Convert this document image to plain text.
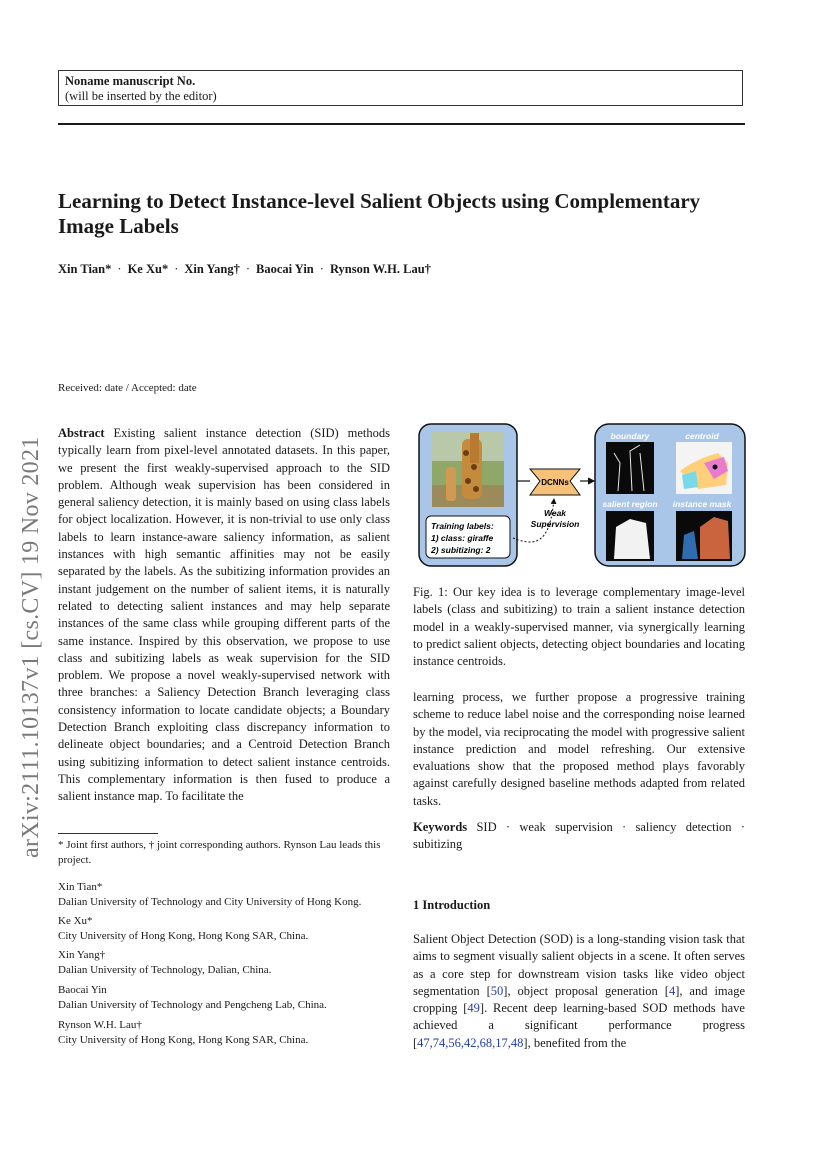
Noname manuscript No.
(will be inserted by the editor)
Learning to Detect Instance-level Salient Objects using Complementary Image Labels
Xin Tian* · Ke Xu* · Xin Yang† · Baocai Yin · Rynson W.H. Lau†
arXiv:2111.10137v1 [cs.CV] 19 Nov 2021
Received: date / Accepted: date
Abstract Existing salient instance detection (SID) methods typically learn from pixel-level annotated datasets. In this paper, we present the first weakly-supervised approach to the SID problem. Although weak supervision has been considered in general saliency detection, it is mainly based on using class labels for object localization. However, it is non-trivial to use only class labels to learn instance-aware saliency information, as salient instances with high semantic affinities may not be easily separated by the labels. As the subitizing information provides an instant judgement on the number of salient items, it is naturally related to detecting salient instances and may help separate instances of the same class while grouping different parts of the same instance. Inspired by this observation, we propose to use class and subitizing labels as weak supervision for the SID problem. We propose a novel weakly-supervised network with three branches: a Saliency Detection Branch leveraging class consistency information to locate candidate objects; a Boundary Detection Branch exploiting class discrepancy information to delineate object boundaries; and a Centroid Detection Branch using subitizing information to detect salient instance centroids. This complementary information is then fused to produce a salient instance map. To facilitate the
* Joint first authors, † joint corresponding authors. Rynson Lau leads this project.
Xin Tian*
Dalian University of Technology and City University of Hong Kong.
Ke Xu*
City University of Hong Kong, Hong Kong SAR, China.
Xin Yang†
Dalian University of Technology, Dalian, China.
Baocai Yin
Dalian University of Technology and Pengcheng Lab, China.
Rynson W.H. Lau†
City University of Hong Kong, Hong Kong SAR, China.
Training labels:
1) class: giraffe
2) subitizing: 2
DCNNs
Weak
Supervision
boundary	centroid
salient region instance mask
Fig. 1: Our key idea is to leverage complementary image-level labels (class and subitizing) to train a salient instance detection model in a weakly-supervised manner, via synergically learning to predict salient objects, detecting object boundaries and locating instance centroids.
learning process, we further propose a progressive training scheme to reduce label noise and the corresponding noise learned by the model, via reciprocating the model with progressive salient instance prediction and model refreshing. Our extensive evaluations show that the proposed method plays favorably against carefully designed baseline methods adapted from related tasks.
Keywords SID · weak supervision · saliency detection · subitizing
1 Introduction
Salient Object Detection (SOD) is a long-standing vision task that aims to segment visually salient objects in a scene. It often serves as a core step for downstream vision tasks like video object segmentation [50], object proposal generation [4], and image cropping [49]. Recent deep learning-based SOD methods have achieved a significant performance progress [47,74,56,42,68,17,48], benefited from the
